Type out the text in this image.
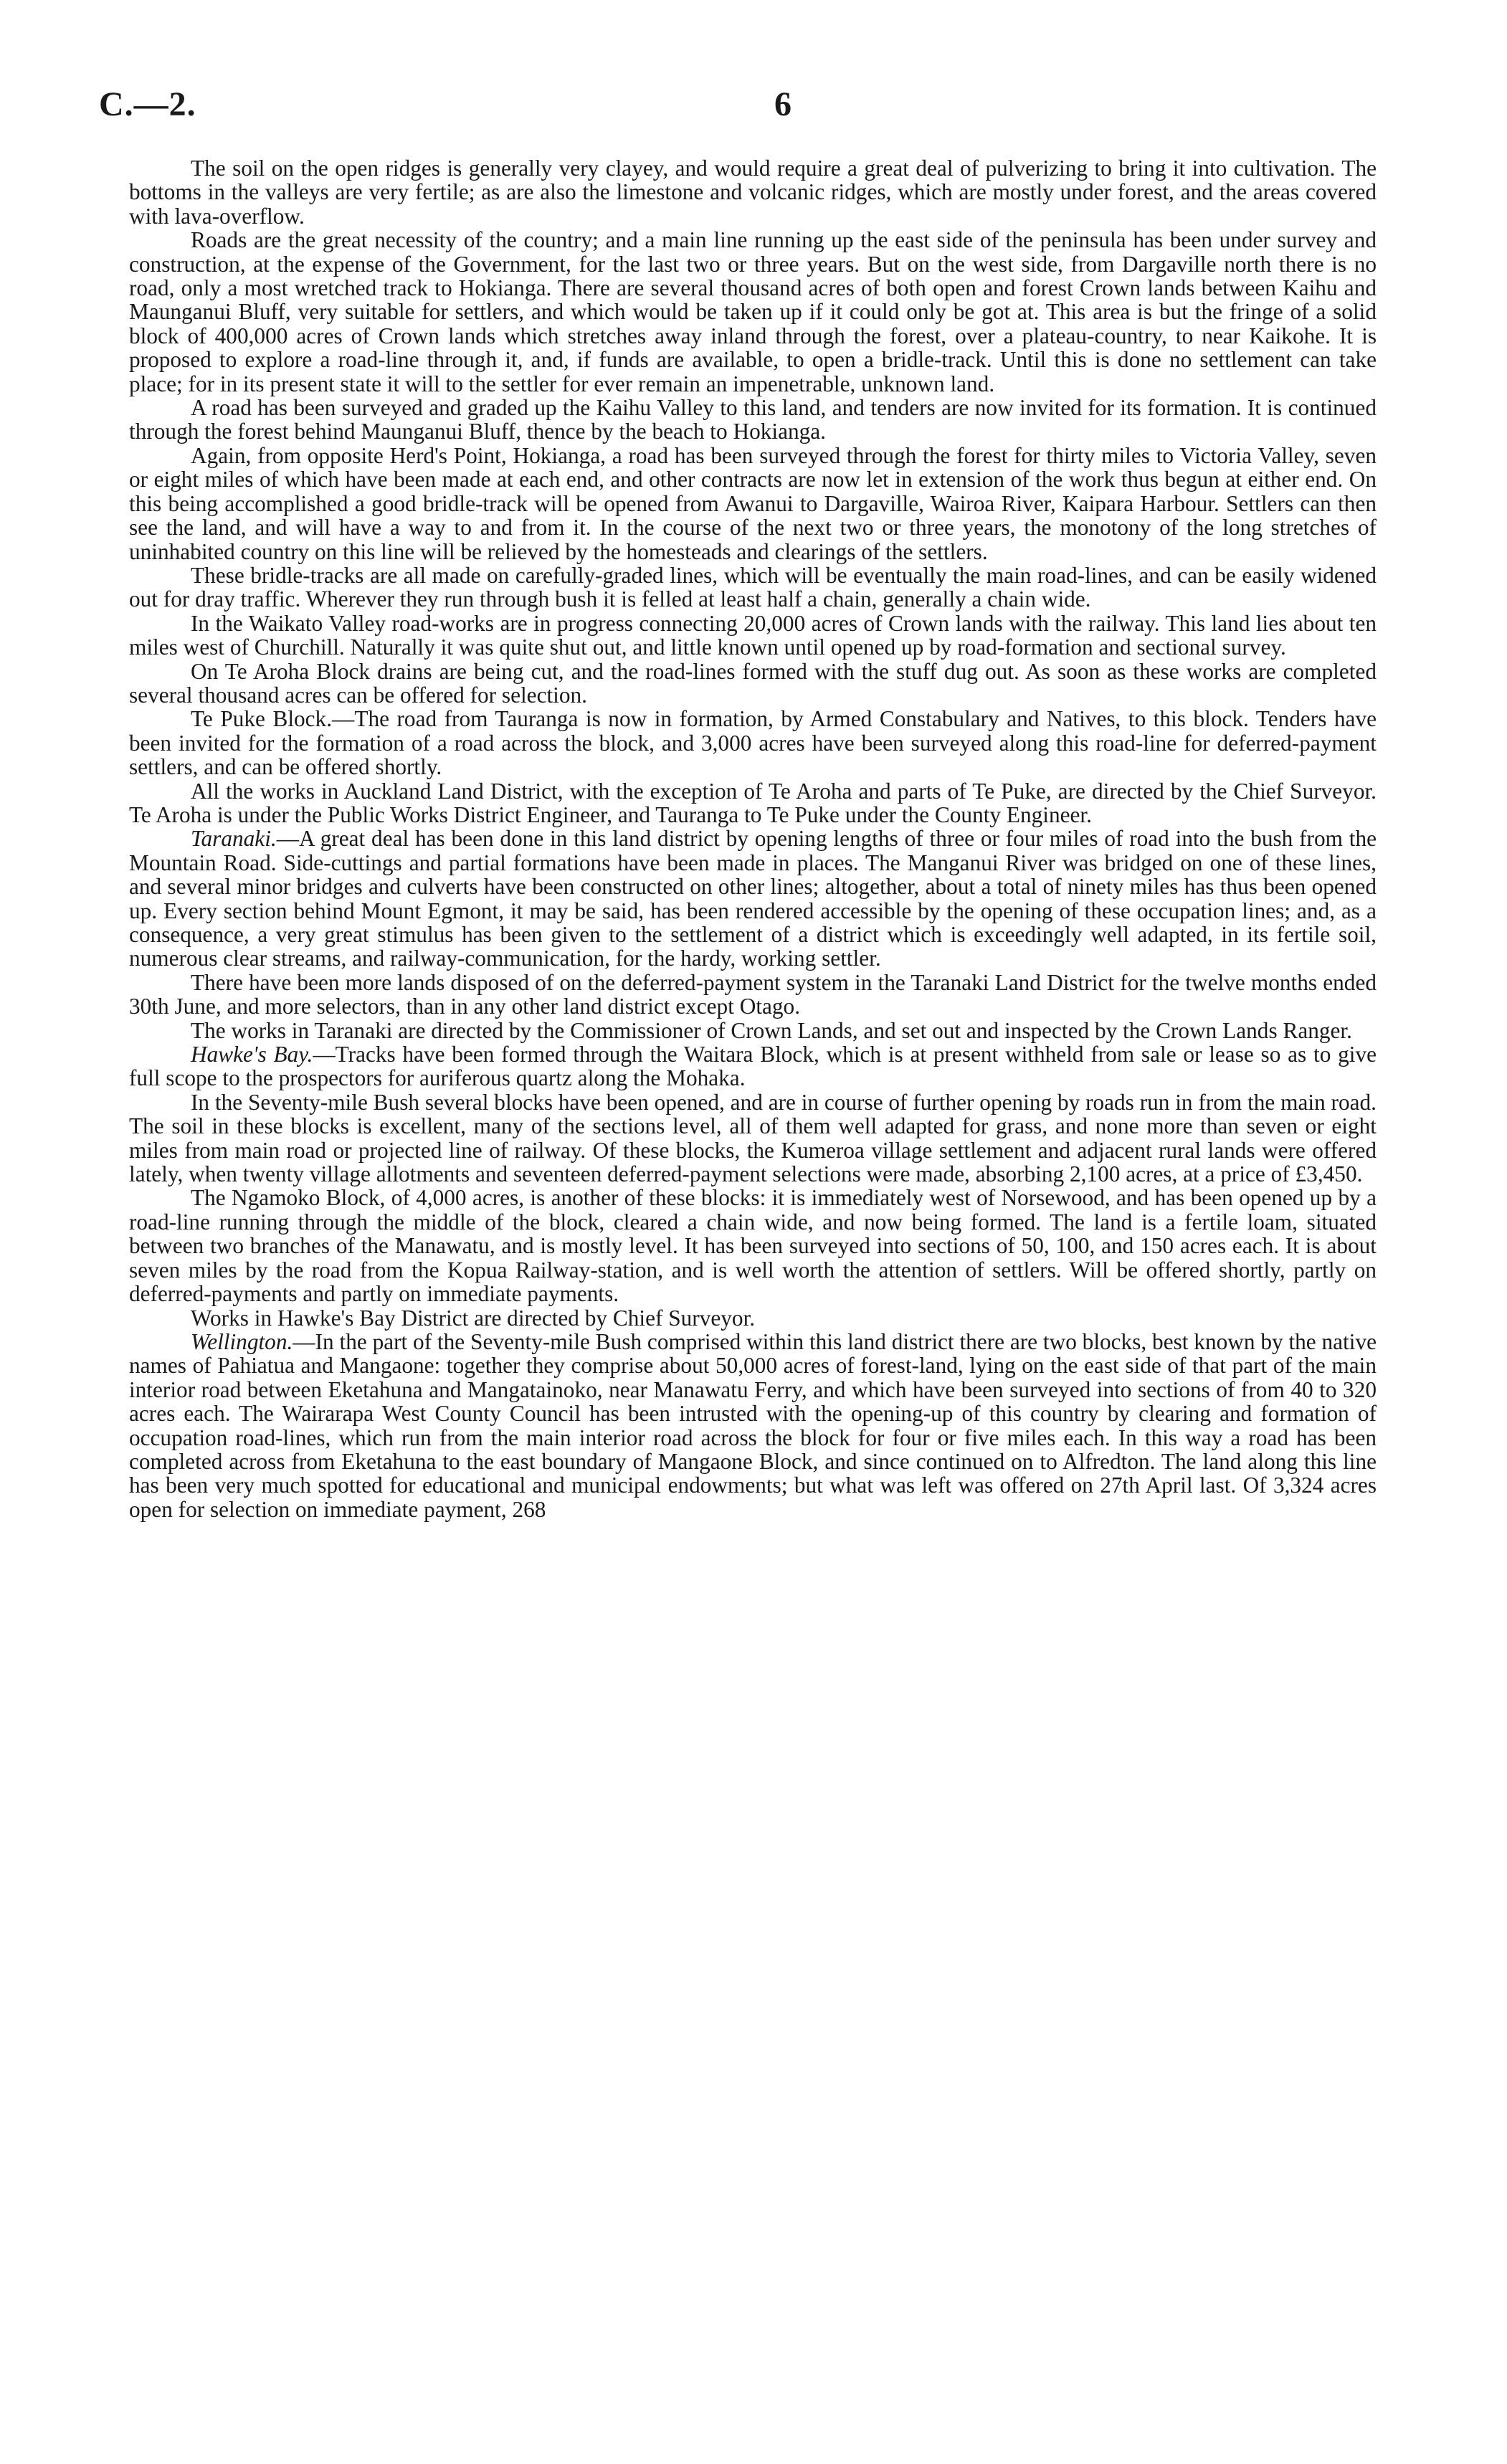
C.—2.	6

The soil on the open ridges is generally very clayey, and would require a great deal of pulverizing to bring it into cultivation. The bottoms in the valleys are very fertile; as are also the limestone and volcanic ridges, which are mostly under forest, and the areas covered with lava-overflow.

Roads are the great necessity of the country; and a main line running up the east side of the peninsula has been under survey and construction, at the expense of the Government, for the last two or three years. But on the west side, from Dargaville north there is no road, only a most wretched track to Hokianga. There are several thousand acres of both open and forest Crown lands between Kaihu and Maunganui Bluff, very suitable for settlers, and which would be taken up if it could only be got at. This area is but the fringe of a solid block of 400,000 acres of Crown lands which stretches away inland through the forest, over a plateau-country, to near Kaikohe. It is proposed to explore a road-line through it, and, if funds are available, to open a bridle-track. Until this is done no settlement can take place; for in its present state it will to the settler for ever remain an impenetrable, unknown land.

A road has been surveyed and graded up the Kaihu Valley to this land, and tenders are now invited for its formation. It is continued through the forest behind Maunganui Bluff, thence by the beach to Hokianga.

Again, from opposite Herd's Point, Hokianga, a road has been surveyed through the forest for thirty miles to Victoria Valley, seven or eight miles of which have been made at each end, and other contracts are now let in extension of the work thus begun at either end. On this being accomplished a good bridle-track will be opened from Awanui to Dargaville, Wairoa River, Kaipara Harbour. Settlers can then see the land, and will have a way to and from it. In the course of the next two or three years, the monotony of the long stretches of uninhabited country on this line will be relieved by the homesteads and clearings of the settlers.

These bridle-tracks are all made on carefully-graded lines, which will be eventually the main road-lines, and can be easily widened out for dray traffic. Wherever they run through bush it is felled at least half a chain, generally a chain wide.

In the Waikato Valley road-works are in progress connecting 20,000 acres of Crown lands with the railway. This land lies about ten miles west of Churchill. Naturally it was quite shut out, and little known until opened up by road-formation and sectional survey.

On Te Aroha Block drains are being cut, and the road-lines formed with the stuff dug out. As soon as these works are completed several thousand acres can be offered for selection.

Te Puke Block.—The road from Tauranga is now in formation, by Armed Constabulary and Natives, to this block. Tenders have been invited for the formation of a road across the block, and 3,000 acres have been surveyed along this road-line for deferred-payment settlers, and can be offered shortly.

All the works in Auckland Land District, with the exception of Te Aroha and parts of Te Puke, are directed by the Chief Surveyor. Te Aroha is under the Public Works District Engineer, and Tauranga to Te Puke under the County Engineer.

Taranaki.—A great deal has been done in this land district by opening lengths of three or four miles of road into the bush from the Mountain Road. Side-cuttings and partial formations have been made in places. The Manganui River was bridged on one of these lines, and several minor bridges and culverts have been constructed on other lines; altogether, about a total of ninety miles has thus been opened up. Every section behind Mount Egmont, it may be said, has been rendered accessible by the opening of these occupation lines; and, as a consequence, a very great stimulus has been given to the settlement of a district which is exceedingly well adapted, in its fertile soil, numerous clear streams, and railway-communication, for the hardy, working settler.

There have been more lands disposed of on the deferred-payment system in the Taranaki Land District for the twelve months ended 30th June, and more selectors, than in any other land district except Otago.

The works in Taranaki are directed by the Commissioner of Crown Lands, and set out and inspected by the Crown Lands Ranger.

Hawke's Bay.—Tracks have been formed through the Waitara Block, which is at present withheld from sale or lease so as to give full scope to the prospectors for auriferous quartz along the Mohaka.

In the Seventy-mile Bush several blocks have been opened, and are in course of further opening by roads run in from the main road. The soil in these blocks is excellent, many of the sections level, all of them well adapted for grass, and none more than seven or eight miles from main road or projected line of railway. Of these blocks, the Kumeroa village settlement and adjacent rural lands were offered lately, when twenty village allotments and seventeen deferred-payment selections were made, absorbing 2,100 acres, at a price of £3,450.

The Ngamoko Block, of 4,000 acres, is another of these blocks: it is immediately west of Norsewood, and has been opened up by a road-line running through the middle of the block, cleared a chain wide, and now being formed. The land is a fertile loam, situated between two branches of the Manawatu, and is mostly level. It has been surveyed into sections of 50, 100, and 150 acres each. It is about seven miles by the road from the Kopua Railway-station, and is well worth the attention of settlers. Will be offered shortly, partly on deferred-payments and partly on immediate payments.

Works in Hawke's Bay District are directed by Chief Surveyor.

Wellington.—In the part of the Seventy-mile Bush comprised within this land district there are two blocks, best known by the native names of Pahiatua and Mangaone: together they comprise about 50,000 acres of forest-land, lying on the east side of that part of the main interior road between Eketahuna and Mangatainoko, near Manawatu Ferry, and which have been surveyed into sections of from 40 to 320 acres each. The Wairarapa West County Council has been intrusted with the opening-up of this country by clearing and formation of occupation road-lines, which run from the main interior road across the block for four or five miles each. In this way a road has been completed across from Eketahuna to the east boundary of Mangaone Block, and since continued on to Alfredton. The land along this line has been very much spotted for educational and municipal endowments; but what was left was offered on 27th April last. Of 3,324 acres open for selection on immediate payment, 268
